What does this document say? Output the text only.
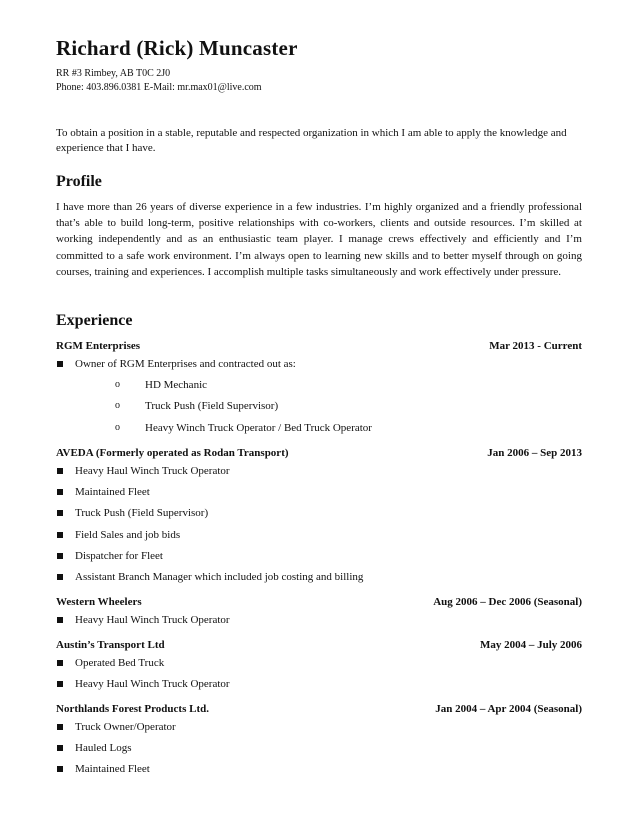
Richard (Rick) Muncaster
RR #3 Rimbey, AB T0C 2J0
Phone: 403.896.0381 E-Mail: mr.max01@live.com

To obtain a position in a stable, reputable and respected organization in which I am able to apply the knowledge and experience that I have.

Profile

I have more than 26 years of diverse experience in a few industries. I’m highly organized and a friendly professional that’s able to build long-term, positive relationships with co-workers, clients and outside resources. I’m skilled at working independently and as an enthusiastic team player. I manage crews effectively and efficiently and I’m committed to a safe work environment. I’m always open to learning new skills and to better myself through on going courses, training and experiences. I accomplish multiple tasks simultaneously and work effectively under pressure.

Experience
RGM Enterprises	Mar 2013 - Current
Owner of RGM Enterprises and contracted out as:
o HD Mechanic
o Truck Push (Field Supervisor)
o Heavy Winch Truck Operator / Bed Truck Operator
AVEDA (Formerly operated as Rodan Transport)	Jan 2006 – Sep 2013
Heavy Haul Winch Truck Operator
Maintained Fleet
Truck Push (Field Supervisor)
Field Sales and job bids
Dispatcher for Fleet
Assistant Branch Manager which included job costing and billing
Western Wheelers	Aug 2006 – Dec 2006 (Seasonal)
Heavy Haul Winch Truck Operator
Austin’s Transport Ltd	May 2004 – July 2006
Operated Bed Truck
Heavy Haul Winch Truck Operator
Northlands Forest Products Ltd.	Jan 2004 – Apr 2004 (Seasonal)
Truck Owner/Operator
Hauled Logs
Maintained Fleet
